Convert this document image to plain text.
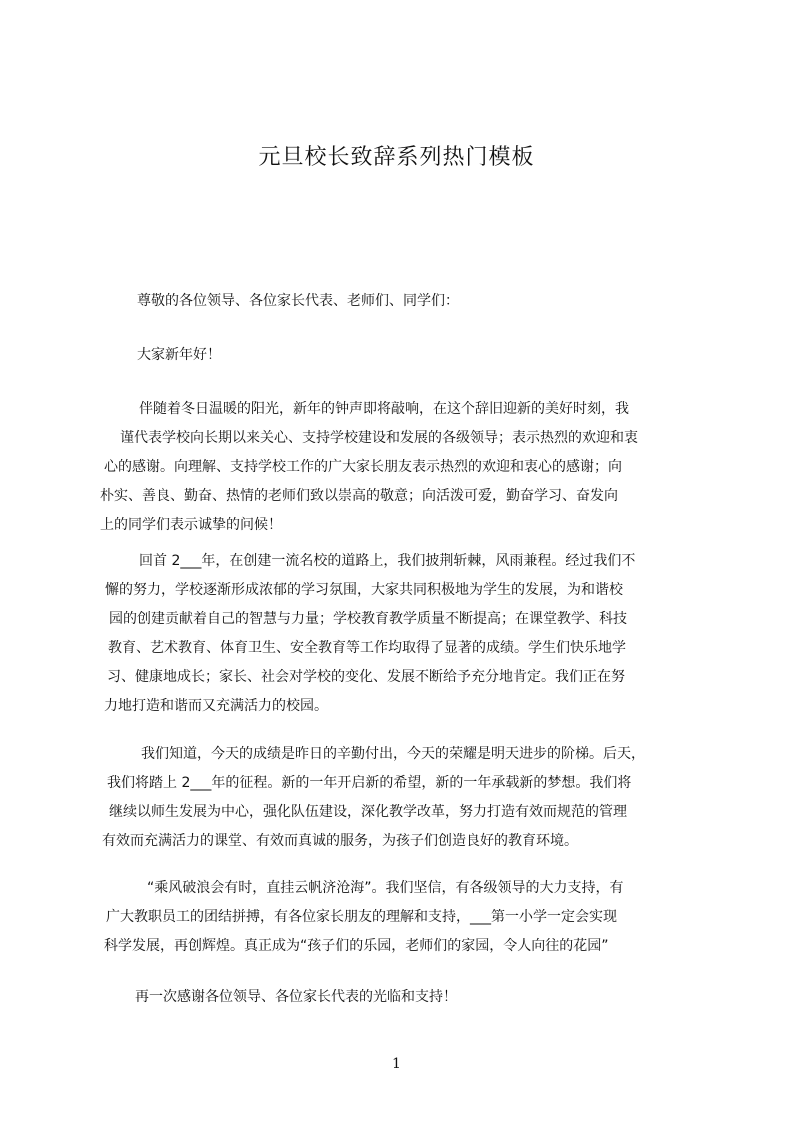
元旦校长致辞系列热门模板

尊敬的各位领导、各位家长代表、老师们、同学们：

大家新年好！

伴随着冬日温暖的阳光，新年的钟声即将敲响，在这个辞旧迎新的美好时刻，我
谨代表学校向长期以来关心、支持学校建设和发展的各级领导；表示热烈的欢迎和衷
心的感谢。向理解、支持学校工作的广大家长朋友表示热烈的欢迎和衷心的感谢；向
朴实、善良、勤奋、热情的老师们致以崇高的敬意；向活泼可爱，勤奋学习、奋发向
上的同学们表示诚挚的问候！
回首 2___年，在创建一流名校的道路上，我们披荆斩棘，风雨兼程。经过我们不
懈的努力，学校逐渐形成浓郁的学习氛围，大家共同积极地为学生的发展，为和谐校
园的创建贡献着自己的智慧与力量；学校教育教学质量不断提高；在课堂教学、科技
教育、艺术教育、体育卫生、安全教育等工作均取得了显著的成绩。学生们快乐地学
习、健康地成长；家长、社会对学校的变化、发展不断给予充分地肯定。我们正在努
力地打造和谐而又充满活力的校园。
我们知道，今天的成绩是昨日的辛勤付出，今天的荣耀是明天进步的阶梯。后天，
我们将踏上 2___年的征程。新的一年开启新的希望，新的一年承载新的梦想。我们将
继续以师生发展为中心，强化队伍建设，深化教学改革，努力打造有效而规范的管理
有效而充满活力的课堂、有效而真诚的服务，为孩子们创造良好的教育环境。
“乘风破浪会有时，直挂云帆济沧海”。我们坚信，有各级领导的大力支持，有
广大教职员工的团结拼搏，有各位家长朋友的理解和支持，___第一小学一定会实现
科学发展，再创辉煌。真正成为“孩子们的乐园，老师们的家园，令人向往的花园”

再一次感谢各位领导、各位家长代表的光临和支持！

1
